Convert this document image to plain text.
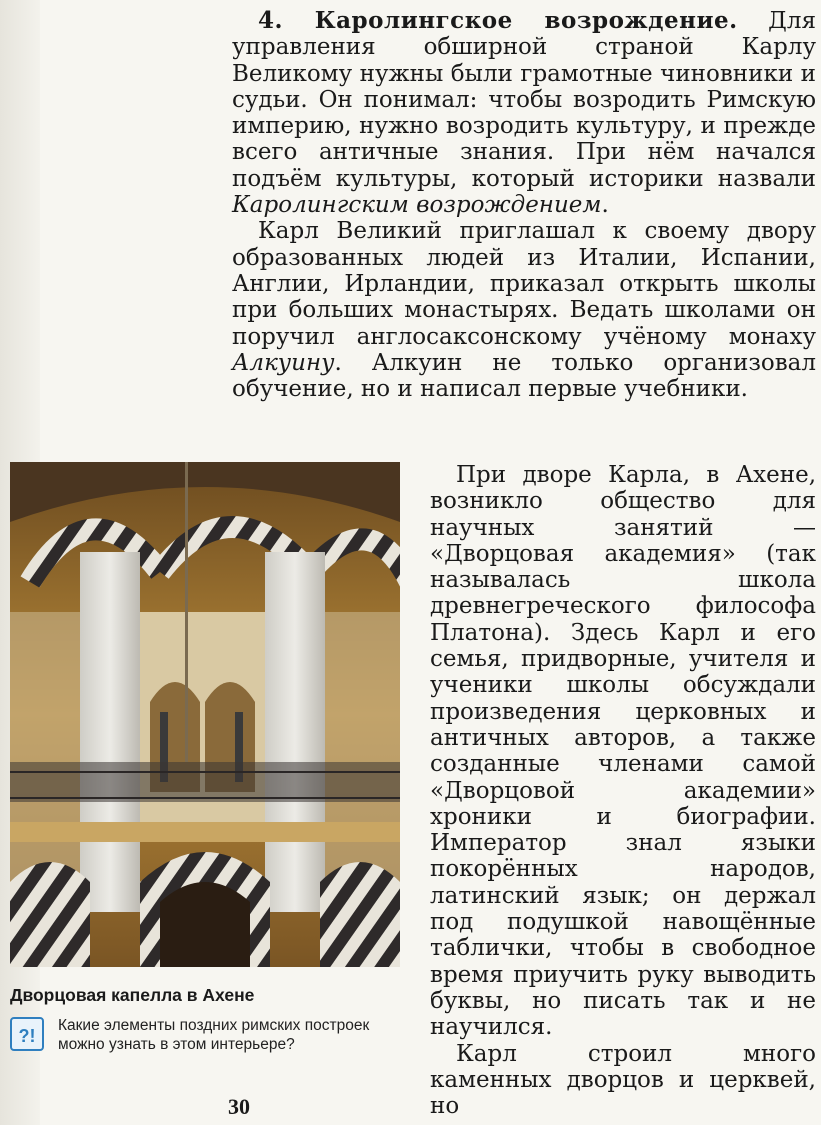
4. Каролингское возрождение. Для управления обширной страной Карлу Великому нужны были грамотные чиновники и судьи. Он понимал: чтобы возродить Римскую империю, нужно возродить культуру, и прежде всего античные знания. При нём начался подъём культуры, который историки назвали Каролингским возрождением.

Карл Великий приглашал к своему двору образованных людей из Италии, Испании, Англии, Ирландии, приказал открыть школы при больших монастырях. Ведать школами он поручил англосаксонскому учёному монаху Алкуину. Алкуин не только организовал обучение, но и написал первые учебники.

При дворе Карла, в Ахене, возникло общество для научных занятий — «Дворцовая академия» (так называлась школа древнегреческого философа Платона). Здесь Карл и его семья, придворные, учителя и ученики школы обсуждали произведения церковных и античных авторов, а также созданные членами самой «Дворцовой академии» хроники и биографии. Император знал языки покорённых народов, латинский язык; он держал под подушкой навощённые таблички, чтобы в свободное время приучить руку выводить буквы, но писать так и не научился.

Карл строил много каменных дворцов и церквей, но

Дворцовая капелла в Ахене
?!
Какие элементы поздних римских построек можно узнать в этом интерьере?
30
